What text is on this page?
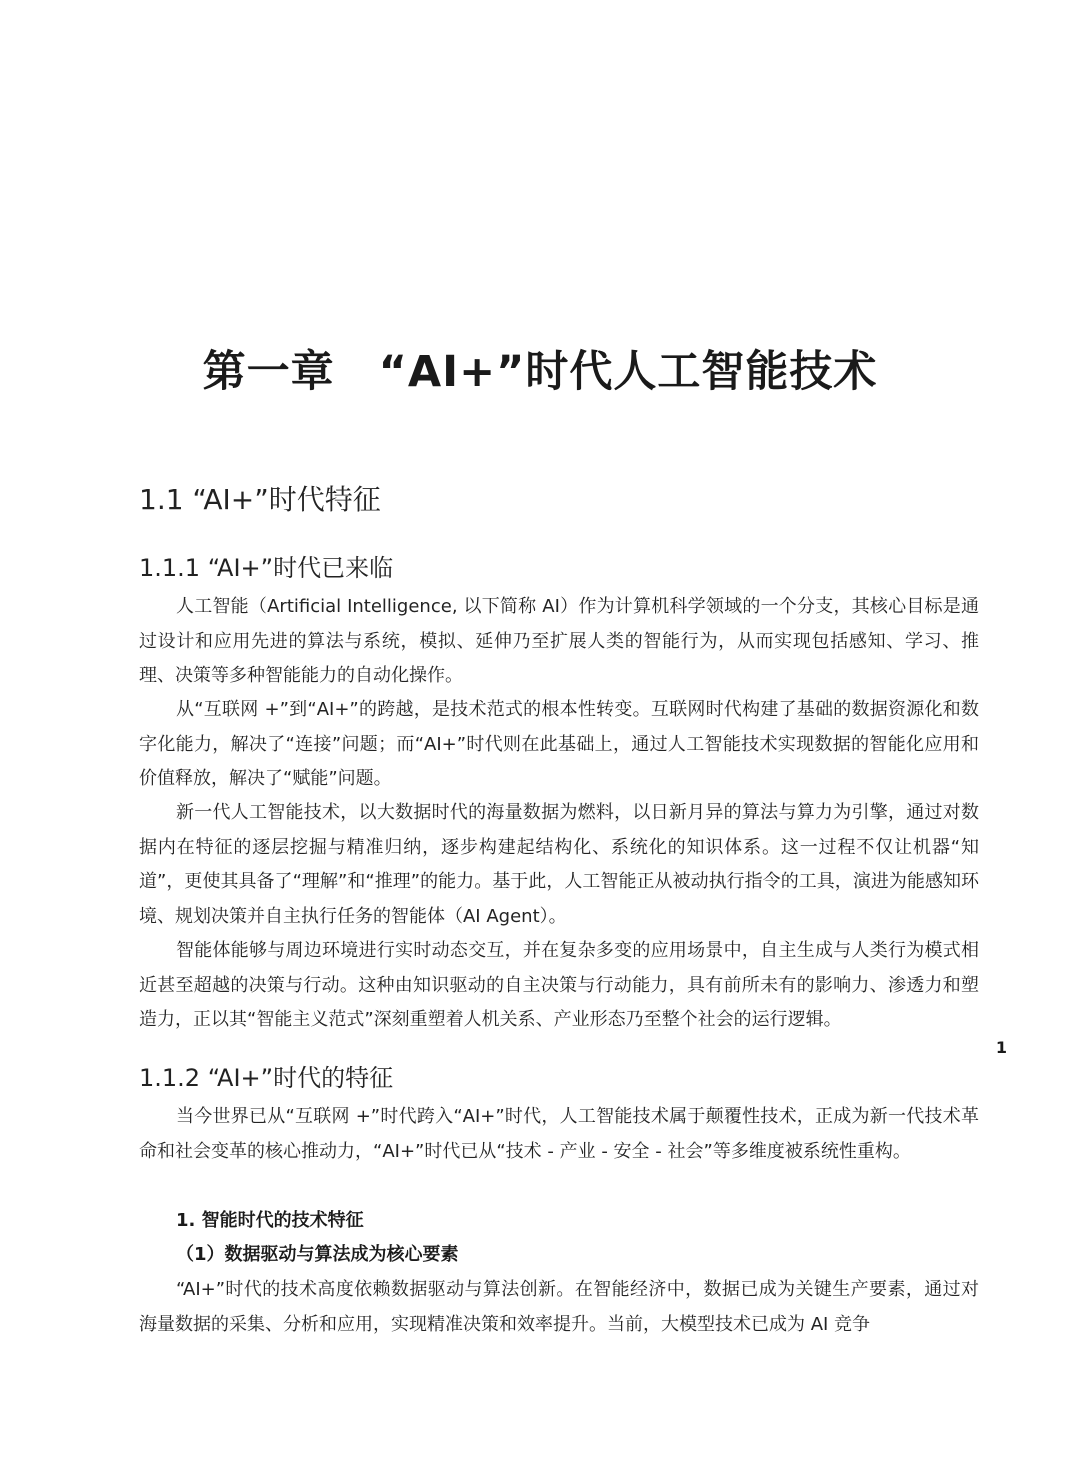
第一章　“AI+”时代人工智能技术
1.1 “AI+”时代特征
1.1.1 “AI+”时代已来临

人工智能（Artificial Intelligence, 以下简称 AI）作为计算机科学领域的一个分支，其核心目标是通过设计和应用先进的算法与系统，模拟、延伸乃至扩展人类的智能行为，从而实现包括感知、学习、推理、决策等多种智能能力的自动化操作。

从“互联网 +”到“AI+”的跨越，是技术范式的根本性转变。互联网时代构建了基础的数据资源化和数字化能力，解决了“连接”问题；而“AI+”时代则在此基础上，通过人工智能技术实现数据的智能化应用和价值释放，解决了“赋能”问题。

新一代人工智能技术，以大数据时代的海量数据为燃料，以日新月异的算法与算力为引擎，通过对数据内在特征的逐层挖掘与精准归纳，逐步构建起结构化、系统化的知识体系。这一过程不仅让机器“知道”，更使其具备了“理解”和“推理”的能力。基于此，人工智能正从被动执行指令的工具，演进为能感知环境、规划决策并自主执行任务的智能体（AI Agent）。

智能体能够与周边环境进行实时动态交互，并在复杂多变的应用场景中，自主生成与人类行为模式相近甚至超越的决策与行动。这种由知识驱动的自主决策与行动能力，具有前所未有的影响力、渗透力和塑造力，正以其“智能主义范式”深刻重塑着人机关系、产业形态乃至整个社会的运行逻辑。

1.1.2 “AI+”时代的特征

当今世界已从“互联网 +”时代跨入“AI+”时代，人工智能技术属于颠覆性技术，正成为新一代技术革命和社会变革的核心推动力，“AI+”时代已从“技术 - 产业 - 安全 - 社会”等多维度被系统性重构。

1. 智能时代的技术特征
（1）数据驱动与算法成为核心要素

“AI+”时代的技术高度依赖数据驱动与算法创新。在智能经济中，数据已成为关键生产要素，通过对海量数据的采集、分析和应用，实现精准决策和效率提升。当前，大模型技术已成为 AI 竞争

1
